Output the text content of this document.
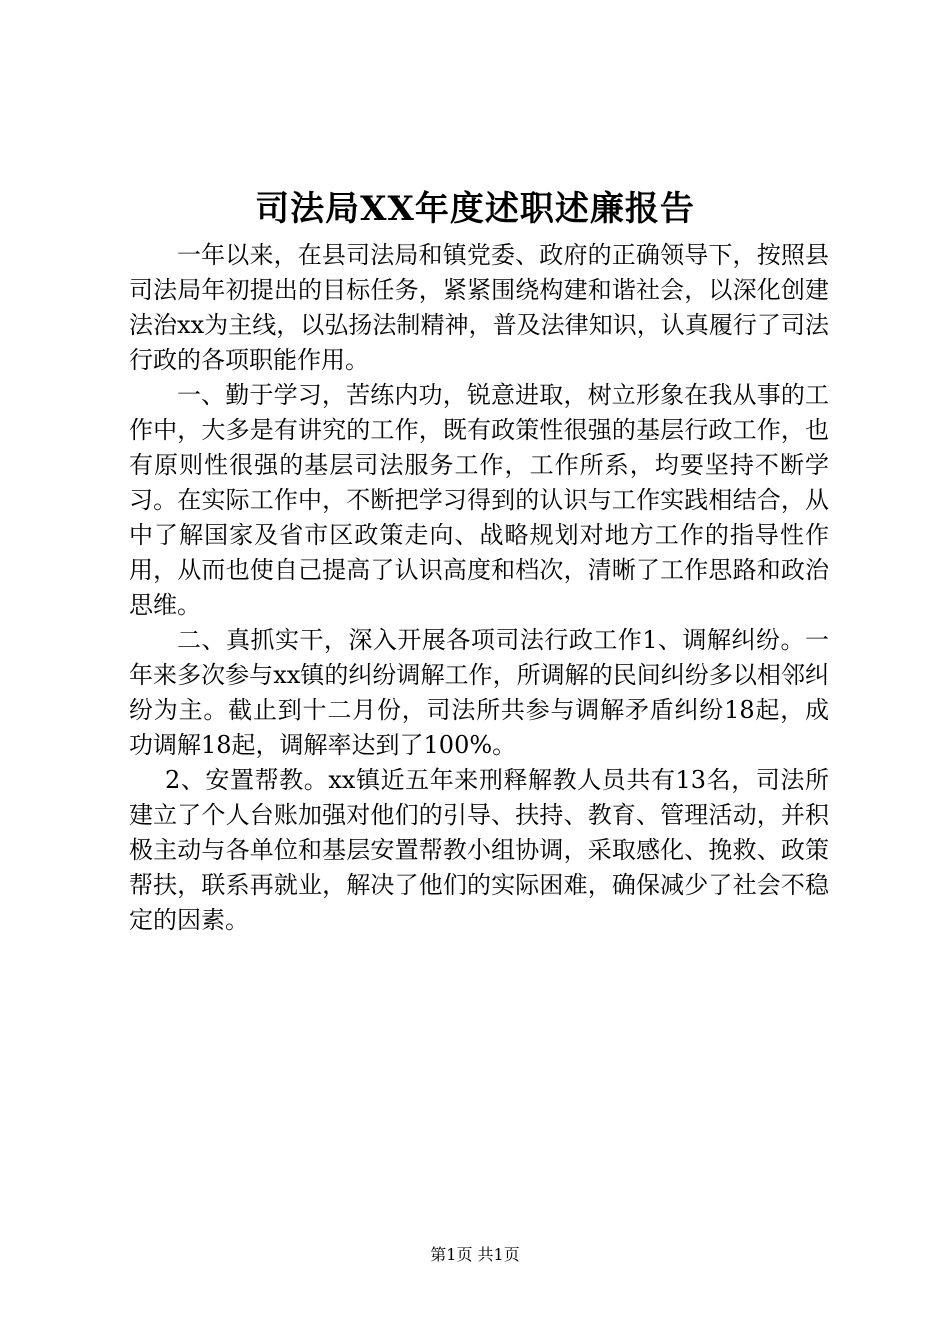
司法局XX年度述职述廉报告

一年以来，在县司法局和镇党委、政府的正确领导下，按照县司法局年初提出的目标任务，紧紧围绕构建和谐社会，以深化创建法治xx为主线，以弘扬法制精神，普及法律知识，认真履行了司法行政的各项职能作用。

一、勤于学习，苦练内功，锐意进取，树立形象在我从事的工作中，大多是有讲究的工作，既有政策性很强的基层行政工作，也有原则性很强的基层司法服务工作，工作所系，均要坚持不断学习。在实际工作中，不断把学习得到的认识与工作实践相结合，从中了解国家及省市区政策走向、战略规划对地方工作的指导性作用，从而也使自己提高了认识高度和档次，清晰了工作思路和政治思维。

二、真抓实干，深入开展各项司法行政工作1、调解纠纷。一年来多次参与xx镇的纠纷调解工作，所调解的民间纠纷多以相邻纠纷为主。截止到十二月份，司法所共参与调解矛盾纠纷18起，成功调解18起，调解率达到了100%。

2、安置帮教。xx镇近五年来刑释解教人员共有13名，司法所建立了个人台账加强对他们的引导、扶持、教育、管理活动，并积极主动与各单位和基层安置帮教小组协调，采取感化、挽救、政策帮扶，联系再就业，解决了他们的实际困难，确保减少了社会不稳定的因素。

第1页 共1页
